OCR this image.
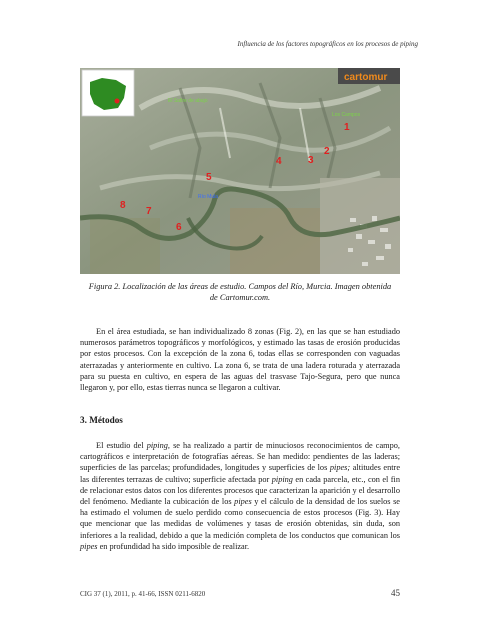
Influencia de los factores topográficos en los procesos de piping
cartomur
El Saltre de abajo
Los Campos
Río Mula
1
2
3
4
5
6
7
8
Figura 2. Localización de las áreas de estudio. Campos del Río, Murcia. Imagen obtenida de Cartomur.com.

En el área estudiada, se han individualizado 8 zonas (Fig. 2), en las que se han estudiado numerosos parámetros topográficos y morfológicos, y estimado las tasas de erosión producidas por estos procesos. Con la excepción de la zona 6, todas ellas se corresponden con vaguadas aterrazadas y anteriormente en cultivo. La zona 6, se trata de una ladera roturada y aterrazada para su puesta en cultivo, en espera de las aguas del trasvase Tajo-Segura, pero que nunca llegaron y, por ello, estas tierras nunca se llegaron a cultivar.

3. Métodos

El estudio del piping, se ha realizado a partir de minuciosos reconocimientos de campo, cartográficos e interpretación de fotografías aéreas. Se han medido: pendientes de las laderas; superficies de las parcelas; profundidades, longitudes y superficies de los pipes; altitudes entre las diferentes terrazas de cultivo; superficie afectada por piping en cada parcela, etc., con el fin de relacionar estos datos con los diferentes procesos que caracterizan la aparición y el desarrollo del fenómeno. Mediante la cubicación de los pipes y el cálculo de la densidad de los suelos se ha estimado el volumen de suelo perdido como consecuencia de estos procesos (Fig. 3). Hay que mencionar que las medidas de volúmenes y tasas de erosión obtenidas, sin duda, son inferiores a la realidad, debido a que la medición completa de los conductos que comunican los pipes en profundidad ha sido imposible de realizar.

CIG 37 (1), 2011, p. 41-66, ISSN 0211-6820	45
